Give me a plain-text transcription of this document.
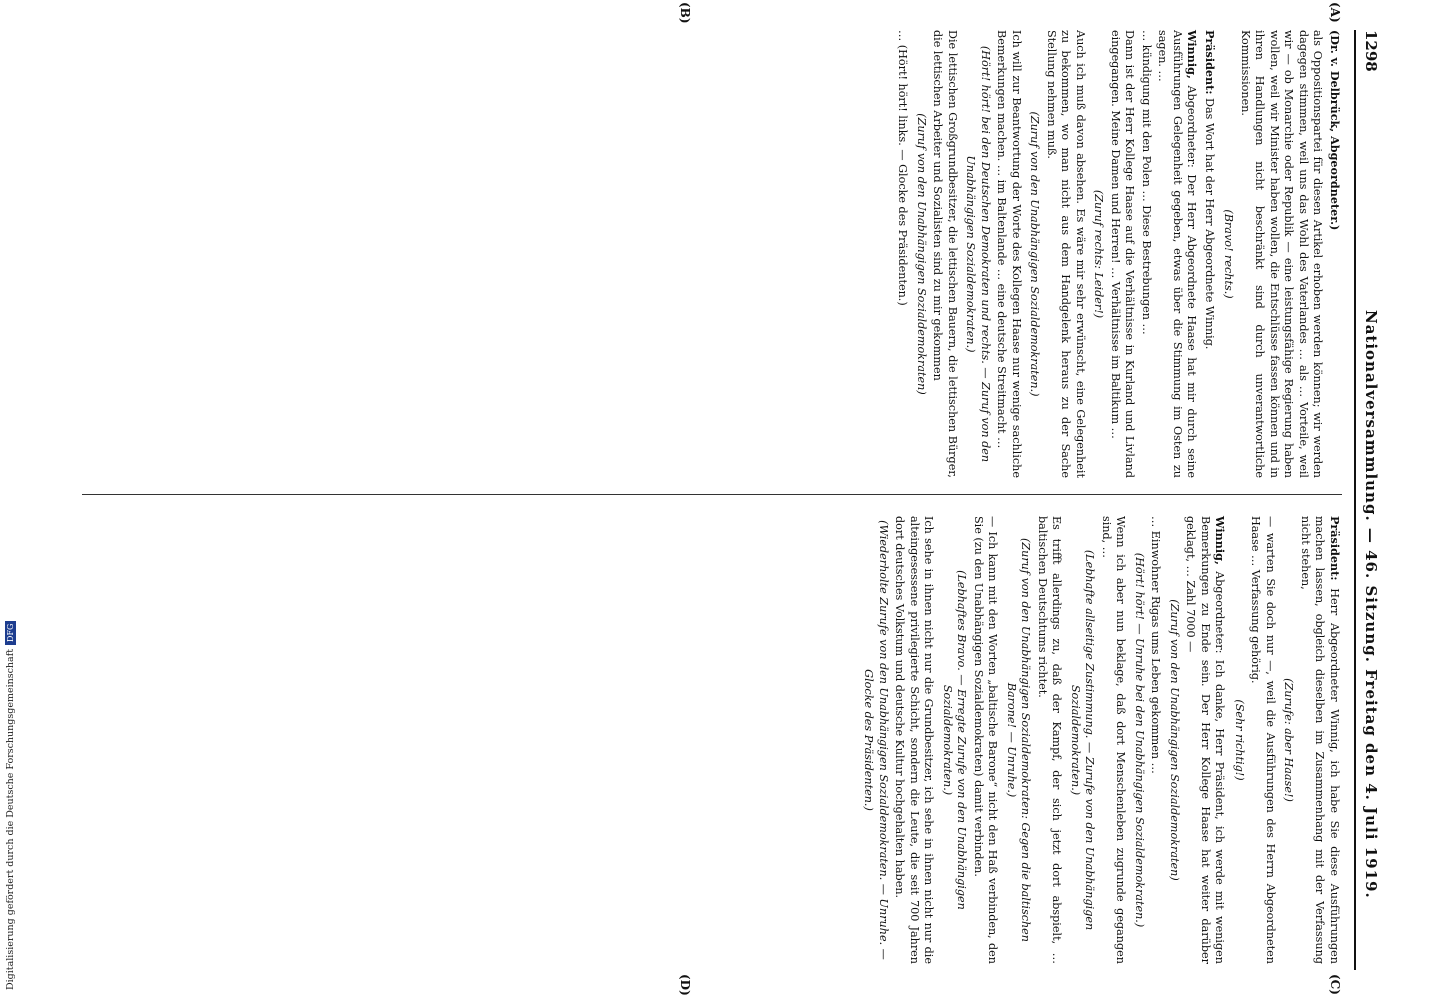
1298
Nationalversammlung. — 46. Sitzung. Freitag den 4. Juli 1919.
(Dr. v. Delbrück, Abgeordneter.)
als Oppositionspartei für diesen Artikel erhoben werden können; wir werden dagegen stimmen, weil uns das Wohl des Vaterlandes … als … Vorteile, weil wir — ob Monarchie oder Republik — eine leistungsfähige Regierung haben wollen, weil wir Minister haben wollen, die Entschlüsse fassen können und in ihren Handlungen nicht beschränkt sind durch unverantwortliche Kommissionen.
(Bravo! rechts.)
Präsident: Das Wort hat der Herr Abgeordnete Winnig.
Winnig, Abgeordneter: Der Herr Abgeordnete Haase hat mir durch seine Ausführungen Gelegenheit gegeben, etwas über die Stimmung im Osten zu sagen. …
… kündigung mit den Polen … Diese Bestrebungen …
Dann ist der Herr Kollege Haase auf die Verhältnisse in Kurland und Livland eingegangen. Meine Damen und Herren! … Verhältnisse im Baltikum …
(Zuruf rechts: Leider!)
Auch ich muß davon absehen. Es wäre mir sehr erwünscht, eine Gelegenheit zu bekommen, wo man nicht aus dem Handgelenk heraus zu der Sache Stellung nehmen muß.
(Zuruf von den Unabhängigen Sozialdemokraten.)
Ich will zur Beantwortung der Worte des Kollegen Haase nur wenige sachliche Bemerkungen machen. … im Baltenlande … eine deutsche Streitmacht …
(Hört! hört! bei den Deutschen Demokraten und rechts. — Zuruf von den Unabhängigen Sozialdemokraten.)
Die lettischen Großgrundbesitzer, die lettischen Bauern, die lettischen Bürger, die lettischen Arbeiter und Sozialisten sind zu mir gekommen
(Zuruf von den Unabhängigen Sozialdemokraten)
… (Hört! hört! links. — Glocke des Präsidenten.)
Präsident: Herr Abgeordneter Winnig, ich habe Sie diese Ausführungen machen lassen, obgleich dieselben im Zusammenhang mit der Verfassung nicht stehen,
(Zurufe: aber Haase!)
— warten Sie doch nur —, weil die Ausführungen des Herrn Abgeordneten Haase … Verfassung gehörig.
(Sehr richtig!)
Winnig, Abgeordneter: Ich danke, Herr Präsident, ich werde mit wenigen Bemerkungen zu Ende sein. Der Herr Kollege Haase hat weiter darüber geklagt, … Zahl 7000 —
(Zuruf von den Unabhängigen Sozialdemokraten)
… Einwohner Rigas ums Leben gekommen …
(Hört! hört! — Unruhe bei den Unabhängigen Sozialdemokraten.)
Wenn ich aber nun beklage, daß dort Menschenleben zugrunde gegangen sind, …
(Lebhafte allseitige Zustimmung. — Zurufe von den Unabhängigen Sozialdemokraten.)
Es trifft allerdings zu, daß der Kampf, der sich jetzt dort abspielt, … baltischen Deutschtums richtet.
(Zuruf von den Unabhängigen Sozialdemokraten: Gegen die baltischen Barone! — Unruhe.)
— Ich kann mit den Worten „baltische Barone“ nicht den Haß verbinden, den Sie (zu den Unabhängigen Sozialdemokraten) damit verbinden.
(Lebhaftes Bravo. — Erregte Zurufe von den Unabhängigen Sozialdemokraten.)
Ich sehe in ihnen nicht nur die Grundbesitzer, ich sehe in ihnen nicht nur die alteingesessene privilegierte Schicht, sondern die Leute, die seit 700 Jahren dort deutsches Volkstum und deutsche Kultur hochgehalten haben.
(Wiederholte Zurufe von den Unabhängigen Sozialdemokraten. — Unruhe. — Glocke des Präsidenten.)
(A)
(B)
(C)
(D)
Digitalisierung gefördert durch die Deutsche ForschungsgemeinschaftDFG
